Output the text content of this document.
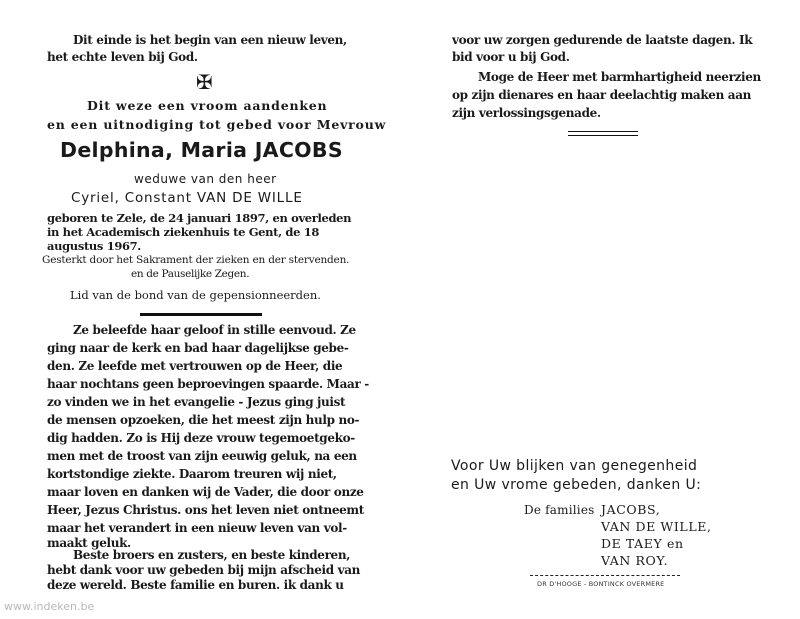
Dit einde is het begin van een nieuw leven,
het echte leven bij God.
✠
Dit weze een vroom aandenken
en een uitnodiging tot gebed voor Mevrouw
Delphina, Maria JACOBS
weduwe van den heer
Cyriel, Constant VAN DE WILLE
geboren te Zele, de 24 januari 1897, en overleden
in het Academisch ziekenhuis te Gent, de 18
augustus 1967.
Gesterkt door het Sakrament der zieken en der stervenden.
en de Pauselijke Zegen.
Lid van de bond van de gepensionneerden.
Ze beleefde haar geloof in stille eenvoud. Ze
ging naar de kerk en bad haar dagelijkse gebe-
den. Ze leefde met vertrouwen op de Heer, die
haar nochtans geen beproevingen spaarde. Maar -
zo vinden we in het evangelie - Jezus ging juist
de mensen opzoeken, die het meest zijn hulp no-
dig hadden. Zo is Hij deze vrouw tegemoetgeko-
men met de troost van zijn eeuwig geluk, na een
kortstondige ziekte. Daarom treuren wij niet,
maar loven en danken wij de Vader, die door onze
Heer, Jezus Christus. ons het leven niet ontneemt
maar het verandert in een nieuw leven van vol-
maakt geluk.
Beste broers en zusters, en beste kinderen,
hebt dank voor uw gebeden bij mijn afscheid van
deze wereld. Beste familie en buren. ik dank u
voor uw zorgen gedurende de laatste dagen. Ik
bid voor u bij God.
Moge de Heer met barmhartigheid neerzien
op zijn dienares en haar deelachtig maken aan
zijn verlossingsgenade.
Voor Uw blijken van genegenheid
en Uw vrome gebeden, danken U:
De families JACOBS,
VAN DE WILLE,
DE TAEY en
VAN ROY.
DR D'HOOGE - BONTINCK OVERMERE
www.indeken.be
